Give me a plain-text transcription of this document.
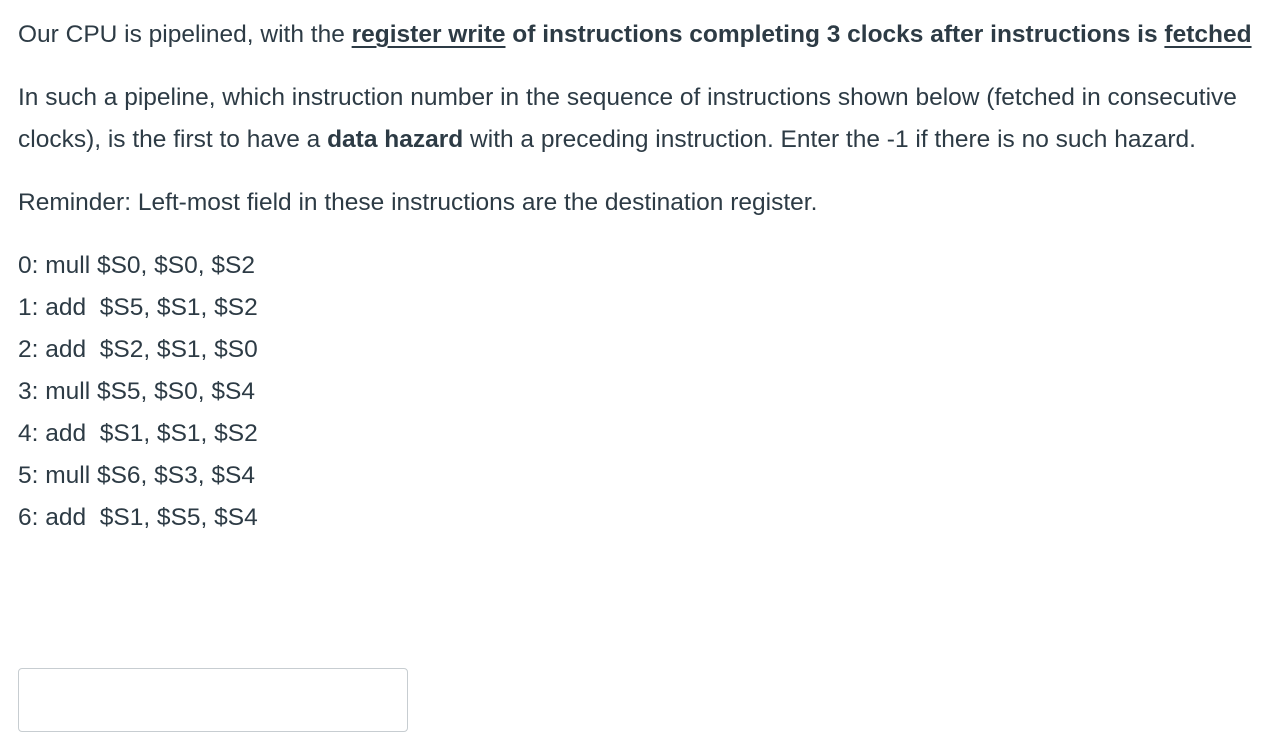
Our CPU is pipelined, with the register write of instructions completing 3 clocks after instructions is fetched

In such a pipeline, which instruction number in the sequence of instructions shown below (fetched in consecutive clocks), is the first to have a data hazard with a preceding instruction. Enter the -1 if there is no such hazard.

Reminder: Left-most field in these instructions are the destination register.

0: mull $S0, $S0, $S2
1: add  $S5, $S1, $S2
2: add  $S2, $S1, $S0
3: mull $S5, $S0, $S4
4: add  $S1, $S1, $S2
5: mull $S6, $S3, $S4
6: add  $S1, $S5, $S4
